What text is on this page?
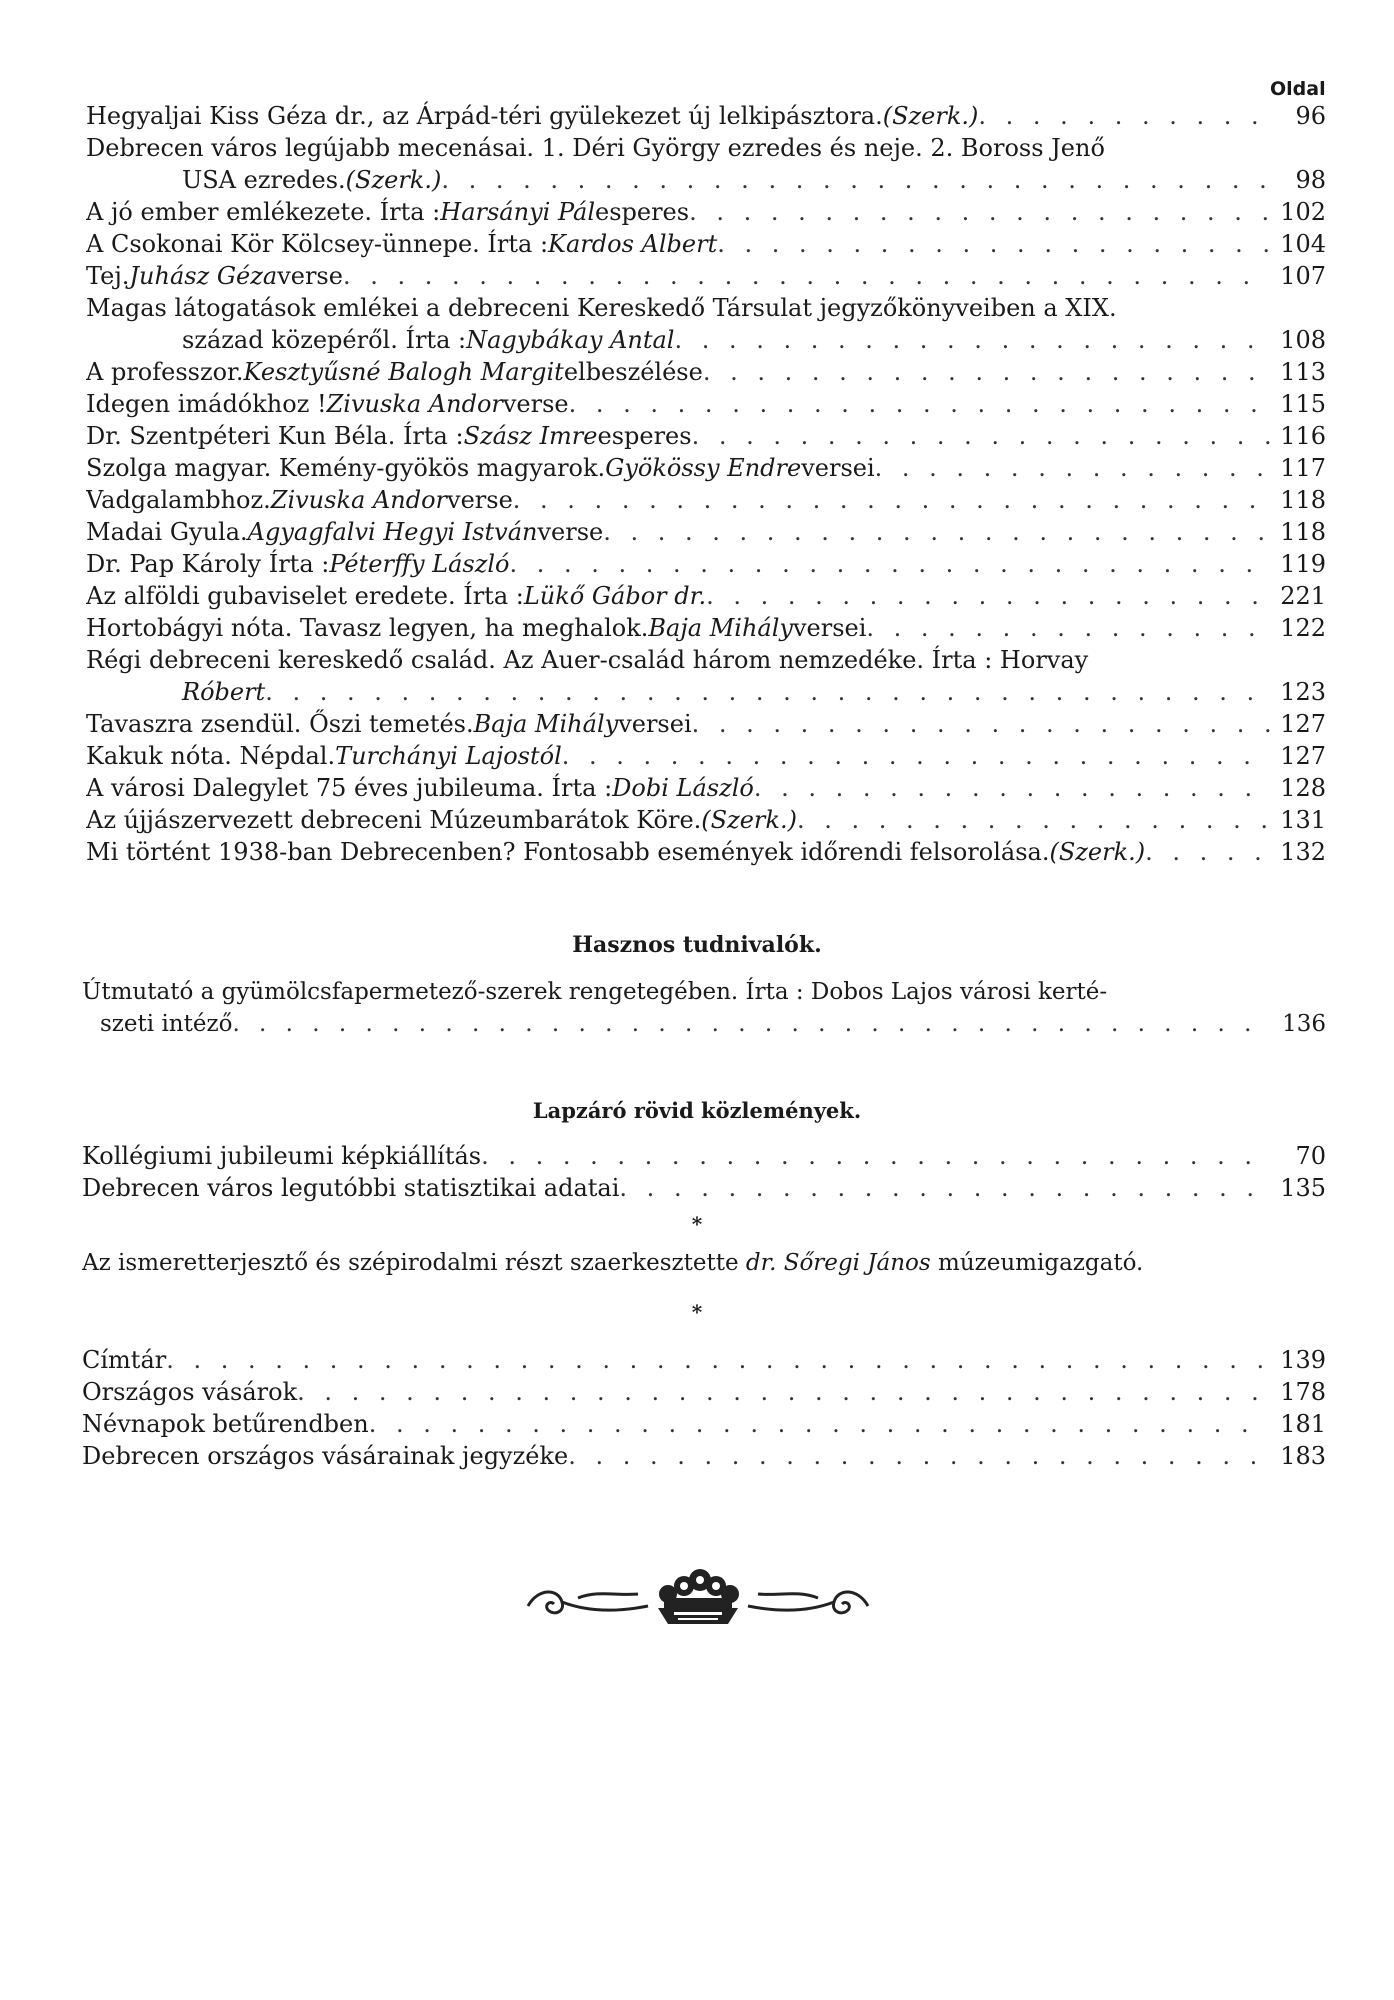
Oldal
Hegyaljai Kiss Géza dr., az Árpád-téri gyülekezet új lelkipásztora. (Szerk.) . . .	96
Debrecen város legújabb mecenásai. 1. Déri György ezredes és neje. 2. Boross Jenő
USA ezredes. (Szerk.) . . .	98
A jó ember emlékezete. Írta : Harsányi Pál esperes . . .	102
A Csokonai Kör Kölcsey-ünnepe. Írta : Kardos Albert . . .	104
Tej. Juhász Géza verse . . .	107
Magas látogatások emlékei a debreceni Kereskedő Társulat jegyzőkönyveiben a XIX.
század közepéről. Írta : Nagybákay Antal . . .	108
A professzor. Kesztyűsné Balogh Margit elbeszélése . . .	113
Idegen imádókhoz ! Zivuska Andor verse . . .	115
Dr. Szentpéteri Kun Béla. Írta : Szász Imre esperes . . .	116
Szolga magyar. Kemény-gyökös magyarok. Gyökössy Endre versei . . .	117
Vadgalambhoz. Zivuska Andor verse . . .	118
Madai Gyula. Agyagfalvi Hegyi István verse . . .	118
Dr. Pap Károly Írta : Péterffy László . . .	119
Az alföldi gubaviselet eredete. Írta : Lükő Gábor dr. . . .	221
Hortobágyi nóta. Tavasz legyen, ha meghalok. Baja Mihály versei . . .	122
Régi debreceni kereskedő család. Az Auer-család három nemzedéke. Írta : Horvay
Róbert . . .	123
Tavaszra zsendül. Őszi temetés. Baja Mihály versei . . .	127
Kakuk nóta. Népdal. Turchányi Lajostól . . .	127
A városi Dalegylet 75 éves jubileuma. Írta : Dobi László . . .	128
Az újjászervezett debreceni Múzeumbarátok Köre. (Szerk.) . . .	131
Mi történt 1938-ban Debrecenben? Fontosabb események időrendi felsorolása. (Szerk.) . . .	132
Hasznos tudnivalók.
Útmutató a gyümölcsfapermetező-szerek rengetegében. Írta : Dobos Lajos városi kerté-
szeti intéző . . .	136
Lapzáró rövid közlemények.
Kollégiumi jubileumi képkiállítás . . .	70
Debrecen város legutóbbi statisztikai adatai . . .	135
*
Az ismeretterjesztő és szépirodalmi részt szaerkesztette dr. Sőregi János múzeumigazgató.
*
Címtár . . .	139
Országos vásárok . . .	178
Névnapok betűrendben . . .	181
Debrecen országos vásárainak jegyzéke . . .	183
